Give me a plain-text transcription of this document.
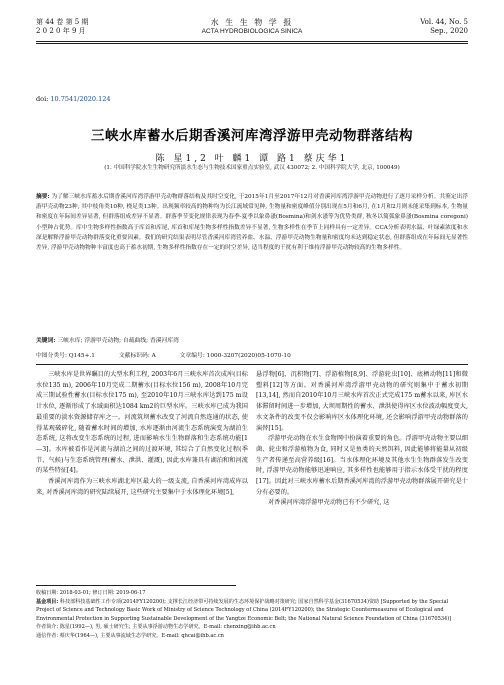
第 44 卷 第 5 期
2 0 2 0 年 9 月
水 生 生 物 学 报
ACTA HYDROBIOLOGICA SINICA
Vol. 44, No. 5
Sep., 2020
doi: 10.7541/2020.124
三峡水库蓄水后期香溪河库湾浮游甲壳动物群落结构
陈 星1,2 叶 麟1 谭 路1 蔡庆华1
(1. 中国科学院水生生物研究所淡水生态与生物技术国家重点实验室, 武汉 430072; 2. 中国科学院大学, 北京, 100049)
摘要: 为了解三峡水库蓄水后期香溪河库湾浮游甲壳动物群落结构及其时空变化, 于2015年1月至2017年12月对香溪河库湾浮游甲壳动物进行了逐月采样分析。共鉴定出浮游甲壳动物23种, 其中枝角类10种, 桡足类13种。出现频率较高的物种均为长江流域常见种, 生物量和密度峰值分别出现在5月和6月, 在1月和2月则未能采集到标本, 生物量和密度在年际间差异显著, 但群落组成差异不显著。群落季节变化规律表现为春季-夏季以象鼻溞(Bosmina)和剑水溞等为优势类群, 秋冬以简弧象鼻溞(Bosmina coregoni)小型种占优势。库中生物多样性指数高于库首和库尾, 库首和库尾生物多样性指数差异不显著, 生物多样性在季节上同样具有一定差异。CCA分析表明水温、叶绿素浓度和水深是解释浮游甲壳动物群落变化重要因素。我们的研究结果表明尽管香溪河库湾营养盐、水温、浮游甲壳动物生物量和密度均未达到稳定状态, 但群落组成在年际间无显著性差异, 浮游甲壳动物物种丰富度也高于蓄水初期, 生物多样性指数存在一定的时空差异, 适当程度的干扰有利于维持浮游甲壳动物较高的生物多样性。
关键词: 三峡水库; 浮游甲壳动物; 自疏曲线; 香溪河库湾
中图分类号: Q145+.1	文献标识码: A	文章编号: 1000-3207(2020)05-1070-10

三峡水库是世界瞩目的大型水利工程, 2003年6月三峡水库首次成库(目标水位135 m), 2006年10月完成二期蓄水(目标水位156 m), 2008年10月完成三期试验性蓄水(目标水位175 m), 至2010年10月三峡水库达到175 m设计水位, 逐渐形成了水域面积达1084 km2的巨型水库。三峡水库已成为我国最重要的淡水资源储存库之一。河流筑坝蓄水改变了河流自然连通的状态, 使得某观破碎化, 随着蓄水时间的增加, 水库逐渐由河流生态系统演变为湖泊生态系统, 这将改变生态系统的过程, 进而影响水生生物群落和生态系统功能[1—3]。水库被看作是河流与湖泊之间的过渡环境, 其综合了自然变化过程(季节、气候)与生态系统管理(蓄水、泄洪、灌溉), 因此水库兼具有湖泊和和河流的某些特征[4]。

香溪河库湾作为三峡水库湖北库区最大的一级支流, 自香溪河库湾成库以来, 对香溪河库湾的研究陆续展开, 这些研究主要集中于水体理化环境[5],

悬浮物[6]、沉积物[7]、浮游植物[8,9]、浮游轮虫[10]、底栖动物[11]和微塑料[12]等方面。对香溪河库湾浮游甲壳动物的研究则集中于蓄水初期[13,14], 然而自2010年10月三峡水库首次正式完成175 m蓄水以来, 库区水体滞留时间进一步增加, 大坝周期性的蓄水、泄洪使得库区水位波动幅度变大, 水文条件的改变不仅会影响库区水体理化环境, 还会影响浮游甲壳动物群落的演替[15]。

浮游甲壳动物在水生食物网中扮演着重要的角色。浮游甲壳动物主要以细菌、轮虫和浮游植物为食, 同时又是鱼类的天然饵料, 因此能够将能量从初级生产者传递至高营养级[16]。当水体理化环境及其他水生生物群落发生改变时, 浮游甲壳动物能够迅速响应, 其多样性也能够用于指示水体受干扰的程度[17]。因此对三峡水库蓄水后期香溪河库湾的浮游甲壳动物群落展开研究是十分有必要的。

对香溪河库湾浮游甲壳动物已有不少研究, 这

收稿日期: 2018-03-01; 修订日期: 2019-06-17
基金项目: 科技部科技基础性工作专项(2014FY120200); 支撑长江经济带可持续发展的生态环境保护战略对策研究; 国家自然科学基金(31670534)资助 [Supported by the Special Project of Science and Technology Basic Work of Ministry of Science Technology of China (2014FY120200); the Strategic Countermeasures of Ecological and Environmental Protection in Supporting Sustainable Development of the Yangtze Economic Belt; the National Natural Science Foundation of China (31670534)]
作者简介: 陈星(1992—), 男, 硕士研究生; 主要从事浮游动物生态学研究。E-mail: chenxing@ihb.ac.cn
通信作者: 蔡庆华(1964—), 主要从事流域生态学研究。E-mail: qhcai@ihb.ac.cn
